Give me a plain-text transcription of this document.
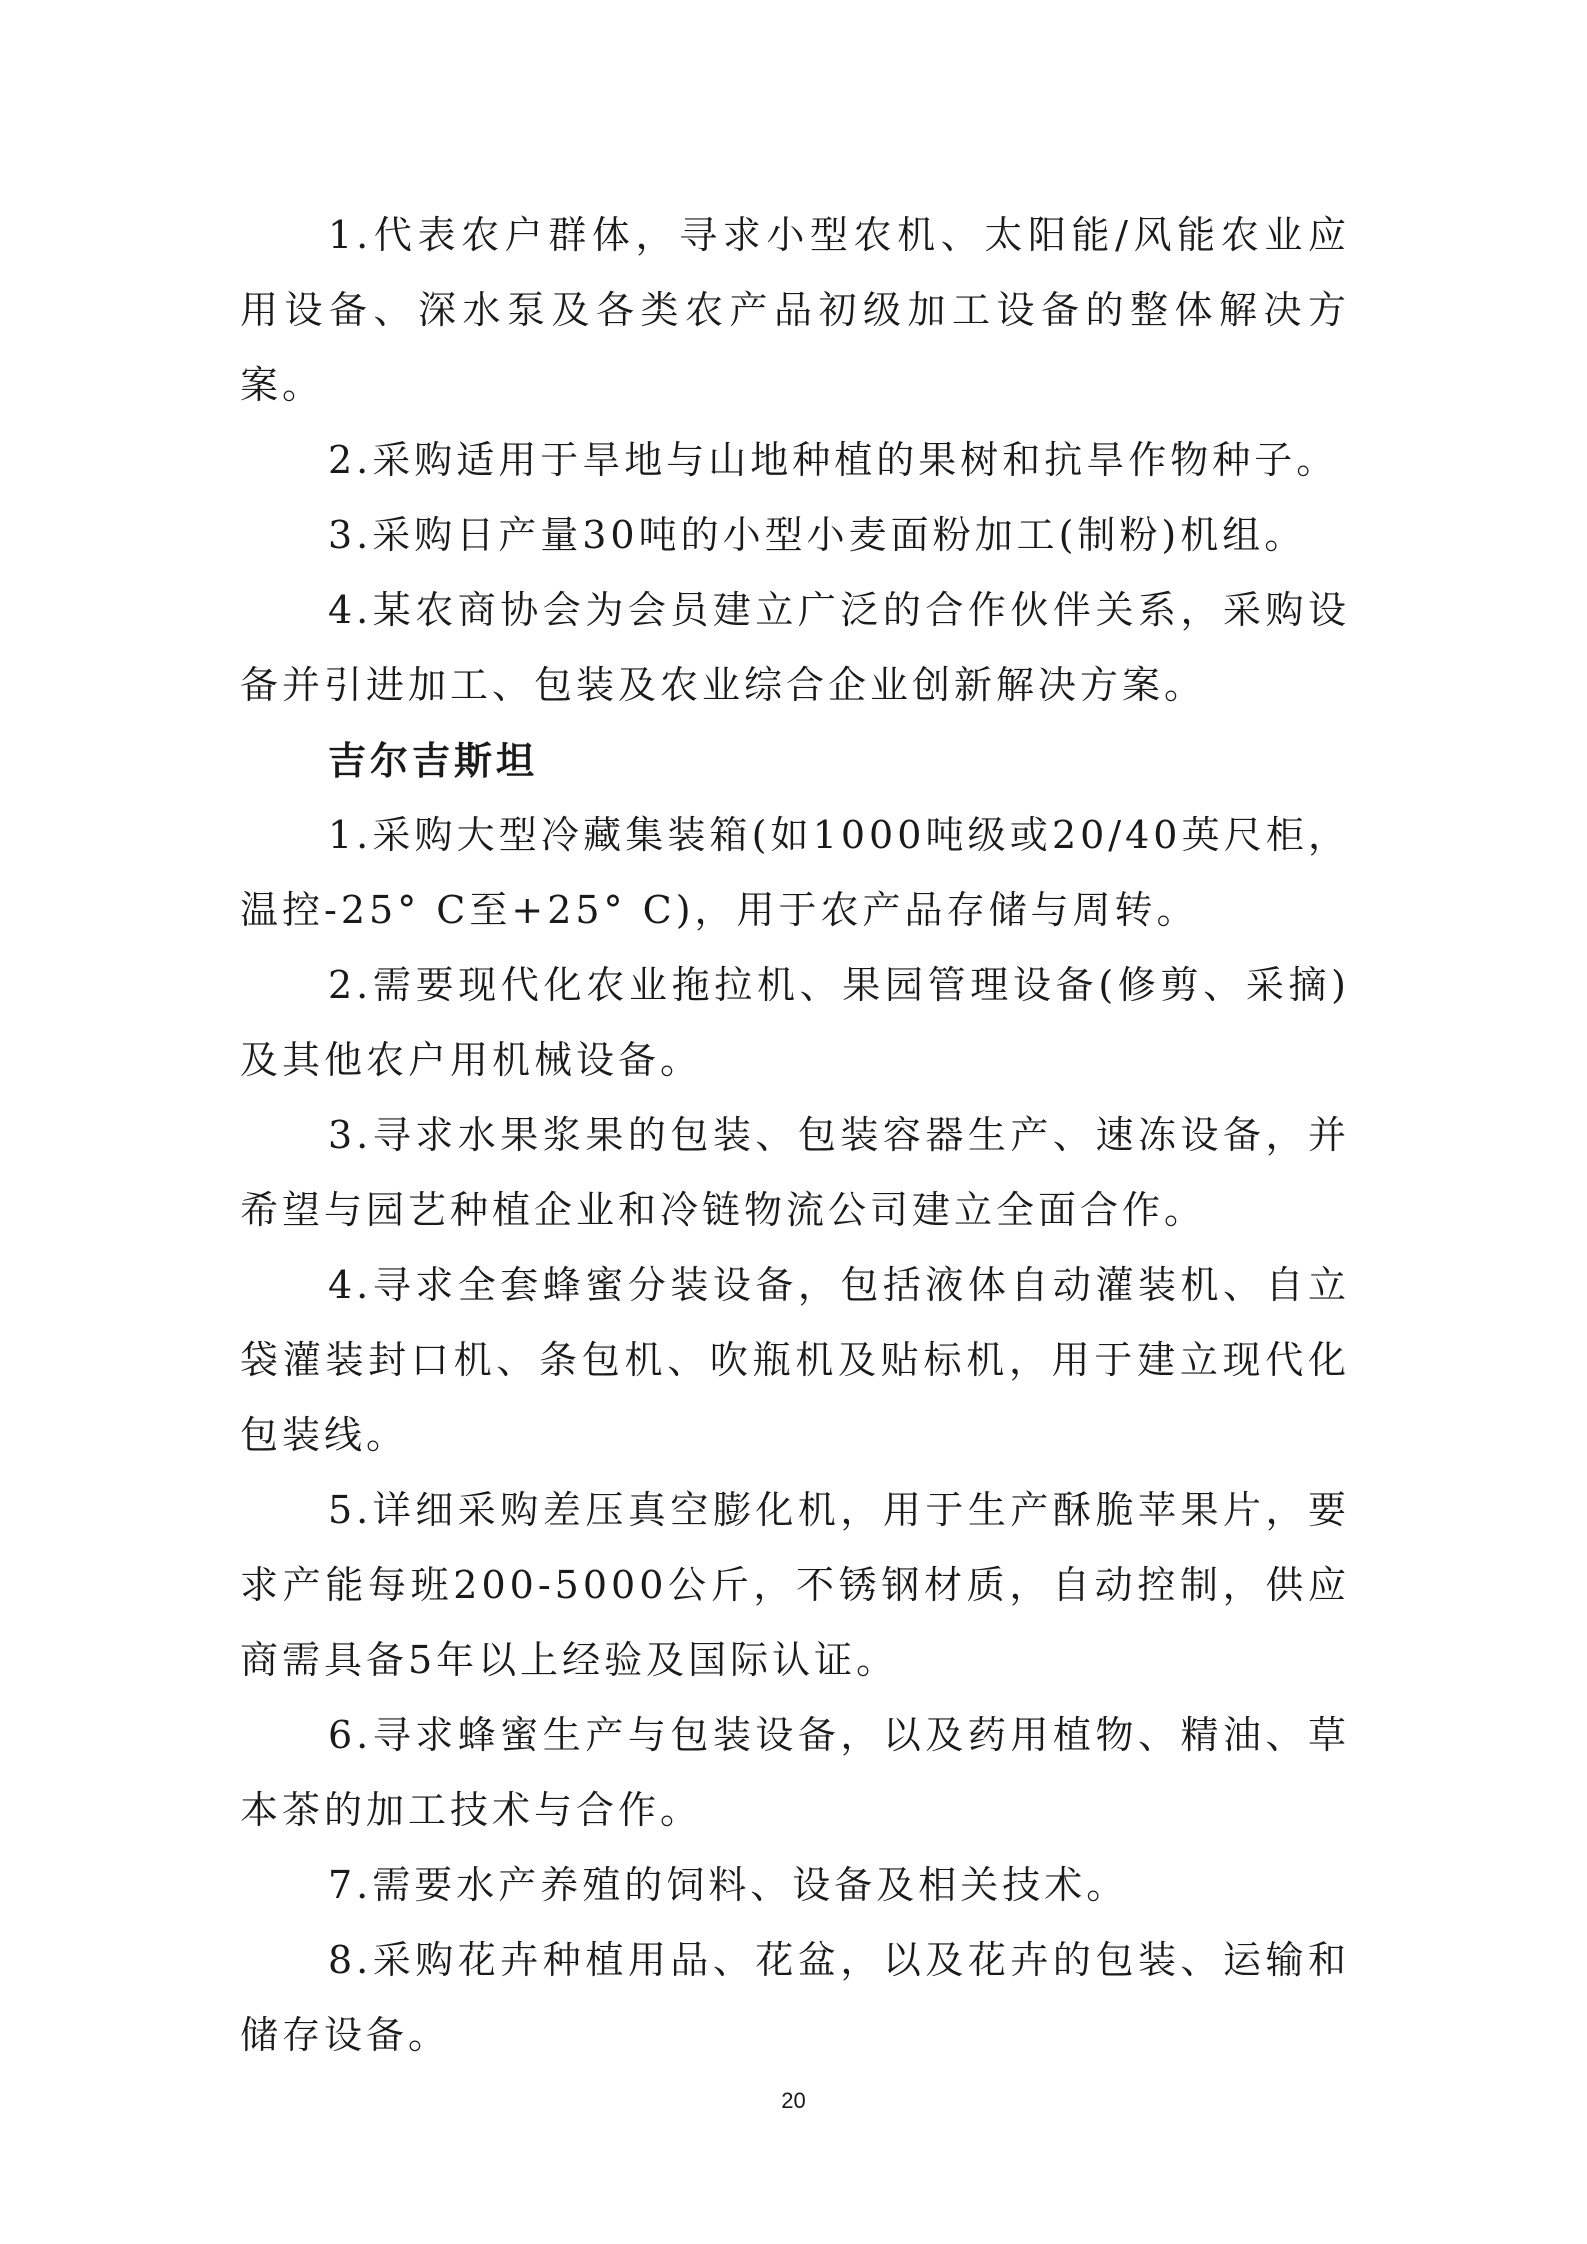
1.代表农户群体，寻求小型农机、太阳能/风能农业应用设备、深水泵及各类农产品初级加工设备的整体解决方案。

2.采购适用于旱地与山地种植的果树和抗旱作物种子。

3.采购日产量30吨的小型小麦面粉加工(制粉)机组。

4.某农商协会为会员建立广泛的合作伙伴关系，采购设备并引进加工、包装及农业综合企业创新解决方案。

吉尔吉斯坦

1.采购大型冷藏集装箱(如1000吨级或20/40英尺柜，温控-25° C至+25° C)，用于农产品存储与周转。

2.需要现代化农业拖拉机、果园管理设备(修剪、采摘)及其他农户用机械设备。

3.寻求水果浆果的包装、包装容器生产、速冻设备，并希望与园艺种植企业和冷链物流公司建立全面合作。

4.寻求全套蜂蜜分装设备，包括液体自动灌装机、自立袋灌装封口机、条包机、吹瓶机及贴标机，用于建立现代化包装线。

5.详细采购差压真空膨化机，用于生产酥脆苹果片，要求产能每班200-5000公斤，不锈钢材质，自动控制，供应商需具备5年以上经验及国际认证。

6.寻求蜂蜜生产与包装设备，以及药用植物、精油、草本茶的加工技术与合作。

7.需要水产养殖的饲料、设备及相关技术。

8.采购花卉种植用品、花盆，以及花卉的包装、运输和储存设备。

20
